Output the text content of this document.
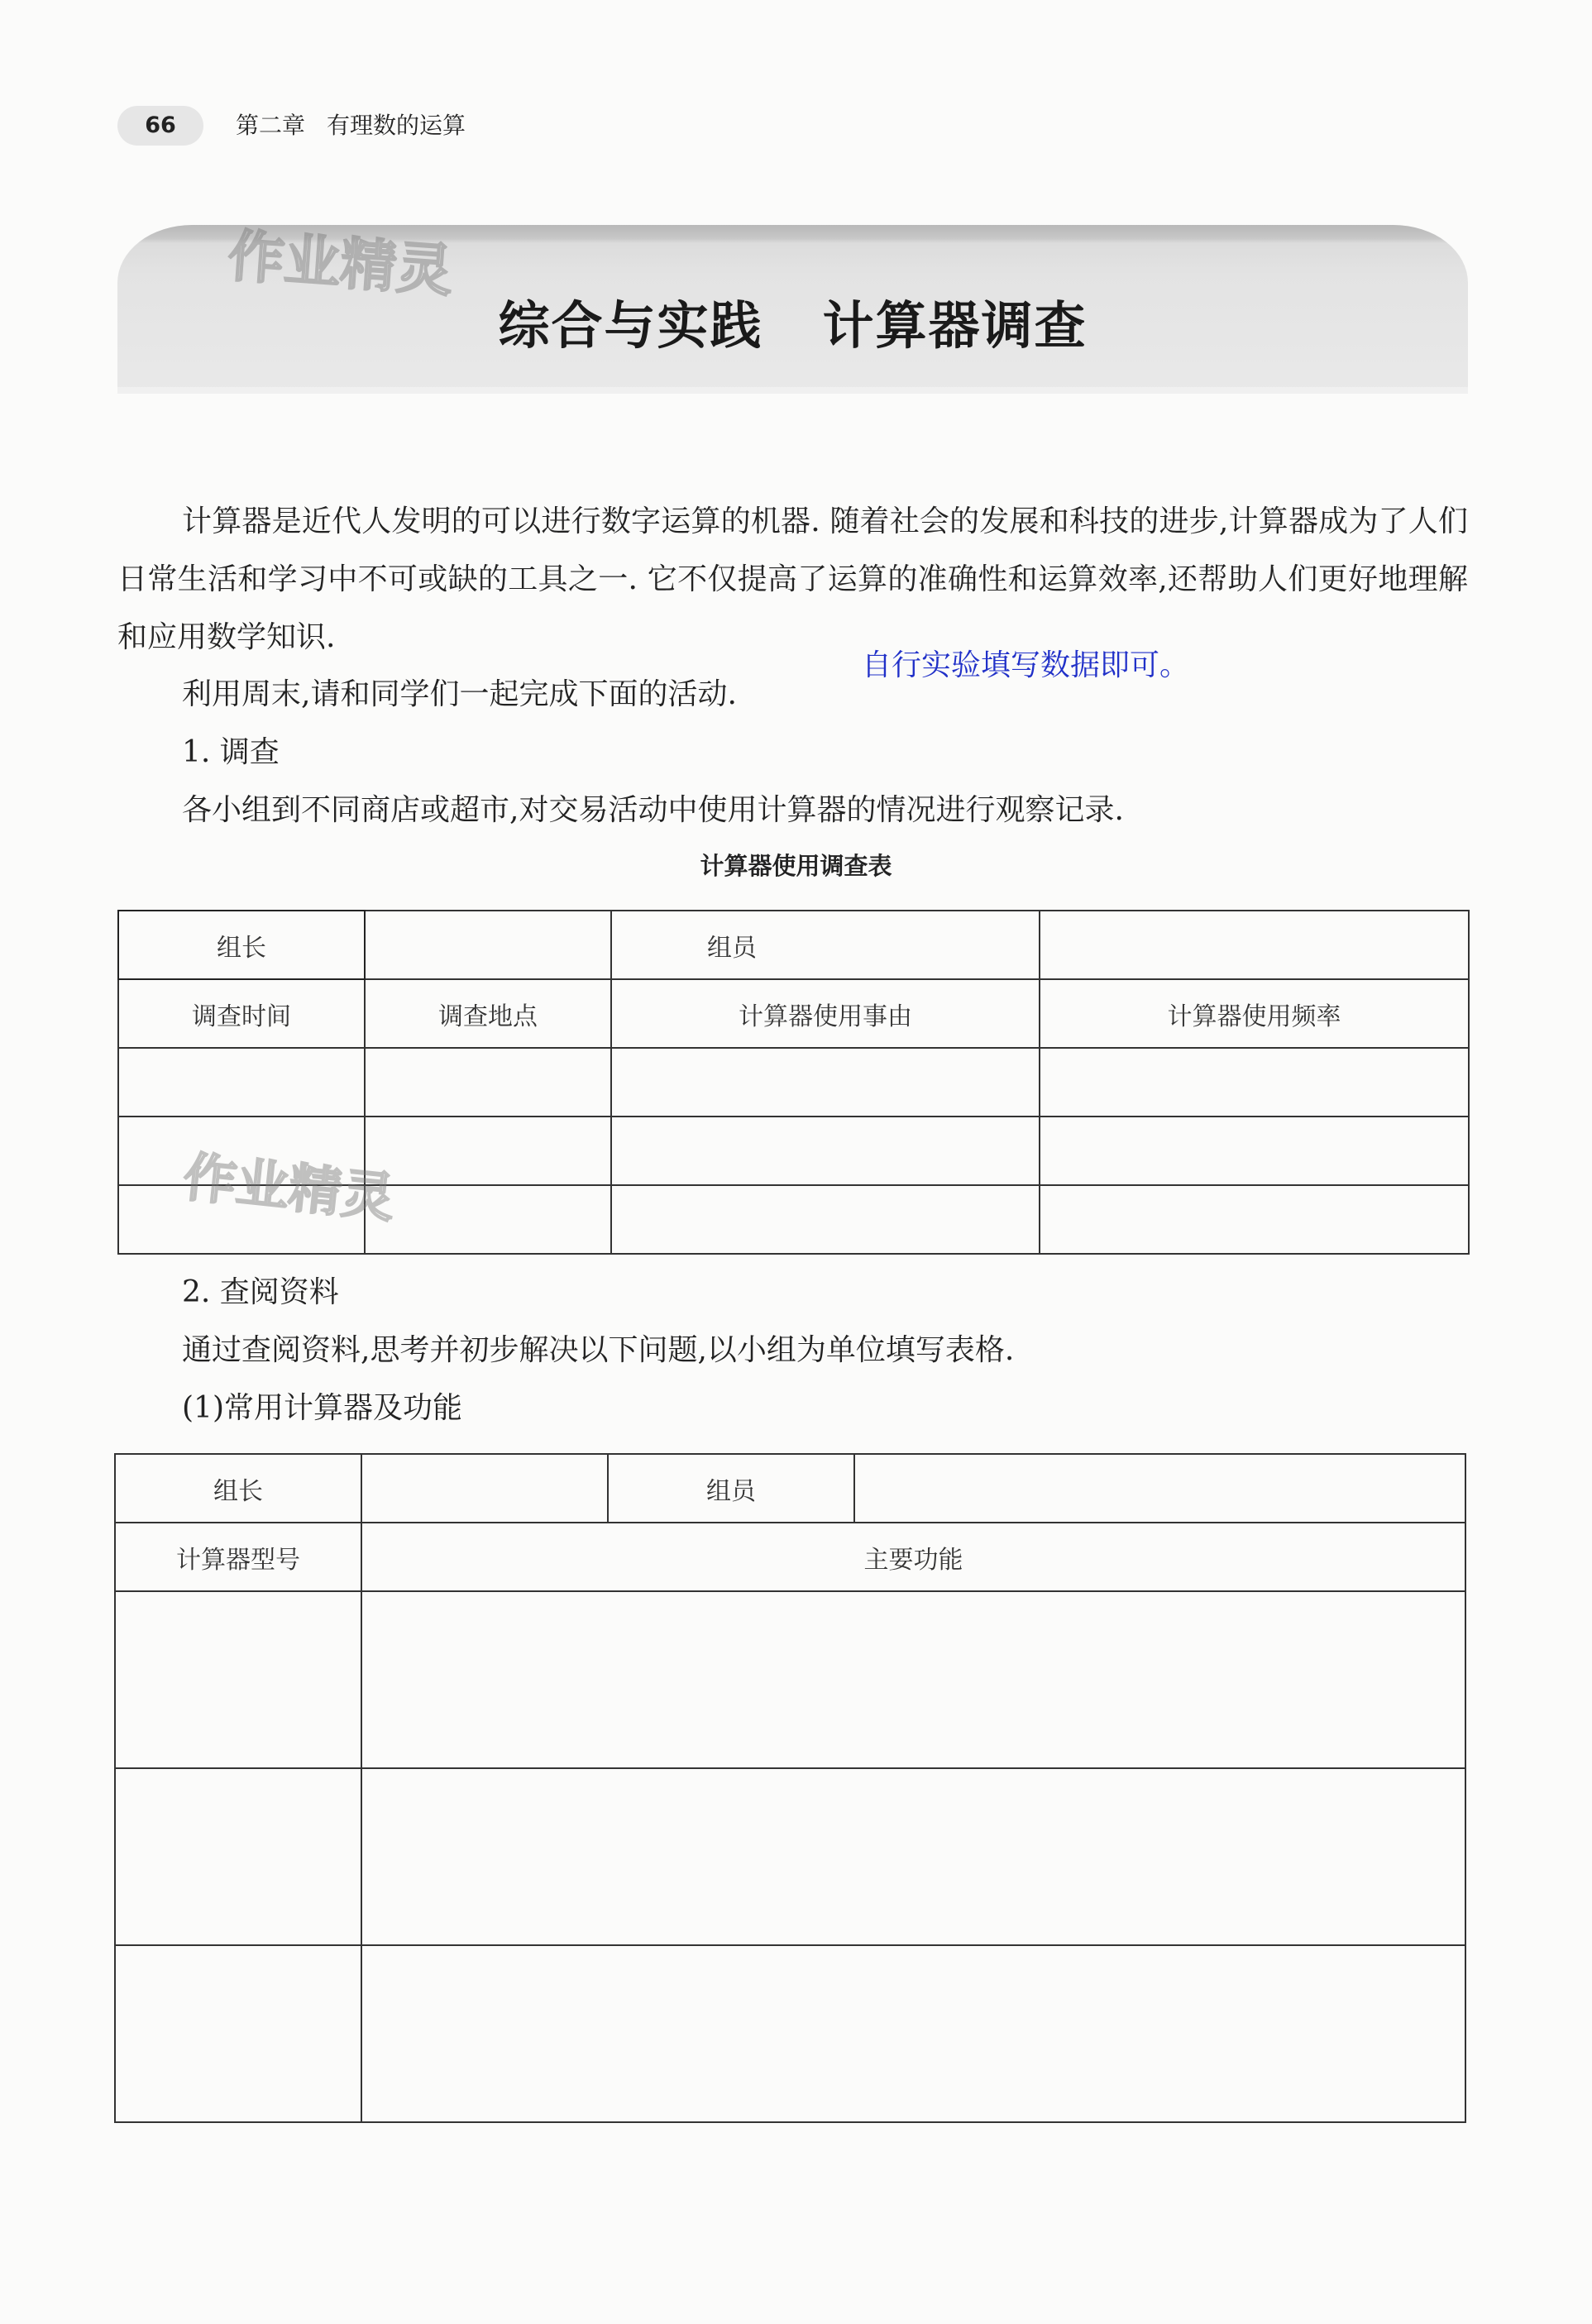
66	第二章 有理数的运算
综合与实践 计算器调查
作业精灵
计算器是近代人发明的可以进行数字运算的机器. 随着社会的发展和科技的进步,计算器成为了人们日常生活和学习中不可或缺的工具之一. 它不仅提高了运算的准确性和运算效率,还帮助人们更好地理解和应用数学知识.
利用周末,请和同学们一起完成下面的活动.
自行实验填写数据即可。
1. 调查
各小组到不同商店或超市,对交易活动中使用计算器的情况进行观察记录.
计算器使用调查表
组长		组员	
调查时间	调查地点	计算器使用事由	计算器使用频率

作业精灵
2. 查阅资料
通过查阅资料,思考并初步解决以下问题,以小组为单位填写表格.
(1)常用计算器及功能
组长		组员	
计算器型号	主要功能		
